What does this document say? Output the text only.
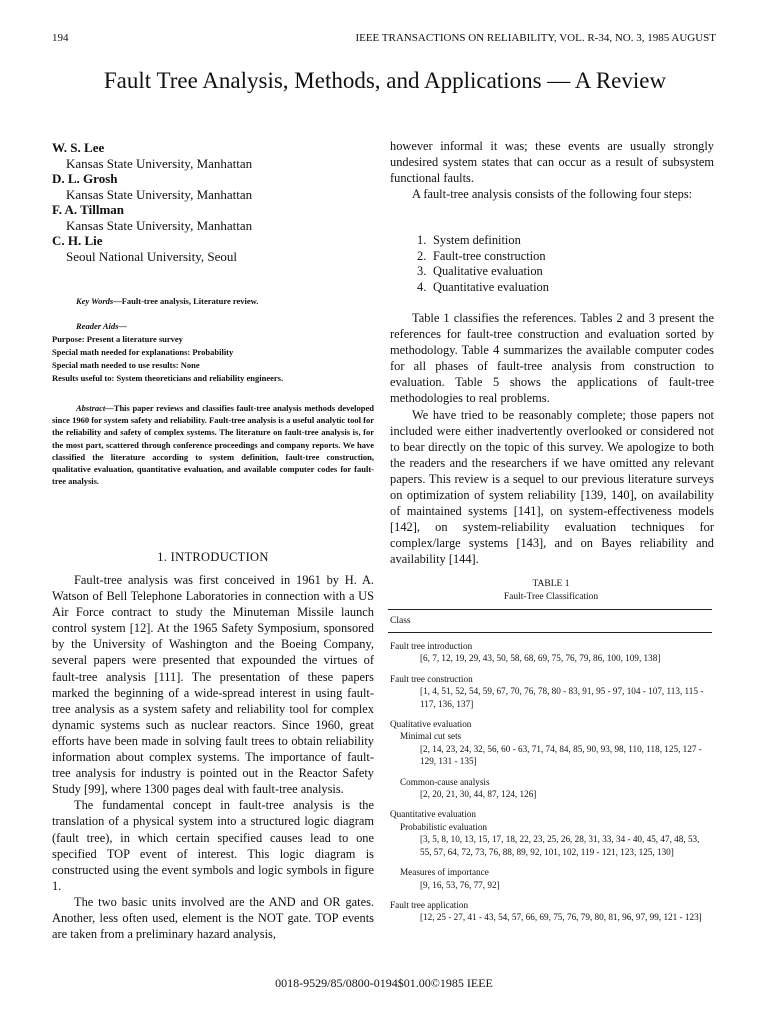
194	IEEE TRANSACTIONS ON RELIABILITY, VOL. R-34, NO. 3, 1985 AUGUST
Fault Tree Analysis, Methods, and Applications — A Review
W. S. Lee
Kansas State University, Manhattan
D. L. Grosh
Kansas State University, Manhattan
F. A. Tillman
Kansas State University, Manhattan
C. H. Lie
Seoul National University, Seoul
Key Words—Fault-tree analysis, Literature review.
Reader Aids—
Purpose: Present a literature survey
Special math needed for explanations: Probability
Special math needed to use results: None
Results useful to: System theoreticians and reliability engineers.
Abstract—This paper reviews and classifies fault-tree analysis methods developed since 1960 for system safety and reliability. Fault-tree analysis is a useful analytic tool for the reliability and safety of complex systems. The literature on fault-tree analysis is, for the most part, scattered through conference proceedings and company reports. We have classified the literature according to system definition, fault-tree construction, qualitative evaluation, quantitative evaluation, and available computer codes for fault-tree analysis.
1. INTRODUCTION

Fault-tree analysis was first conceived in 1961 by H. A. Watson of Bell Telephone Laboratories in connection with a US Air Force contract to study the Minuteman Missile launch control system [12]. At the 1965 Safety Symposium, sponsored by the University of Washington and the Boeing Company, several papers were presented that expounded the virtues of fault-tree analysis [111]. The presentation of these papers marked the beginning of a wide-spread interest in using fault-tree analysis as a system safety and reliability tool for complex dynamic systems such as nuclear reactors. Since 1960, great efforts have been made in solving fault trees to obtain reliability information about complex systems. The importance of fault-tree analysis for industry is pointed out in the Reactor Safety Study [99], where 1300 pages deal with fault-tree analysis.

The fundamental concept in fault-tree analysis is the translation of a physical system into a structured logic diagram (fault tree), in which certain specified causes lead to one specified TOP event of interest. This logic diagram is constructed using the event symbols and logic symbols in figure 1.

The two basic units involved are the AND and OR gates. Another, less often used, element is the NOT gate. TOP events are taken from a preliminary hazard analysis,

however informal it was; these events are usually strongly undesired system states that can occur as a result of subsystem functional faults.

A fault-tree analysis consists of the following four steps:

1. System definition
2. Fault-tree construction
3. Qualitative evaluation
4. Quantitative evaluation

Table 1 classifies the references. Tables 2 and 3 present the references for fault-tree construction and evaluation sorted by methodology. Table 4 summarizes the available computer codes for all phases of fault-tree analysis from construction to evaluation. Table 5 shows the applications of fault-tree methodologies to real problems.

We have tried to be reasonably complete; those papers not included were either inadvertently overlooked or considered not to bear directly on the topic of this survey. We apologize to both the readers and the researchers if we have omitted any relevant papers. This review is a sequel to our previous literature surveys on optimization of system reliability [139, 140], on availability of maintained systems [141], on system-effectiveness models [142], on system-reliability evaluation techniques for complex/large systems [143], and on Bayes reliability and availability [144].

TABLE 1
Fault-Tree Classification
Class
Fault tree introduction
[6, 7, 12, 19, 29, 43, 50, 58, 68, 69, 75, 76, 79, 86, 100, 109, 138]
Fault tree construction
[1, 4, 51, 52, 54, 59, 67, 70, 76, 78, 80 - 83, 91, 95 - 97, 104 - 107, 113, 115 - 117, 136, 137]
Qualitative evaluation
Minimal cut sets
[2, 14, 23, 24, 32, 56, 60 - 63, 71, 74, 84, 85, 90, 93, 98, 110, 118, 125, 127 - 129, 131 - 135]
Common-cause analysis
[2, 20, 21, 30, 44, 87, 124, 126]
Quantitative evaluation
Probabilistic evaluation
[3, 5, 8, 10, 13, 15, 17, 18, 22, 23, 25, 26, 28, 31, 33, 34 - 40, 45, 47, 48, 53, 55, 57, 64, 72, 73, 76, 88, 89, 92, 101, 102, 119 - 121, 123, 125, 130]
Measures of importance
[9, 16, 53, 76, 77, 92]
Fault tree application
[12, 25 - 27, 41 - 43, 54, 57, 66, 69, 75, 76, 79, 80, 81, 96, 97, 99, 121 - 123]
0018-9529/85/0800-0194$01.00©1985 IEEE
